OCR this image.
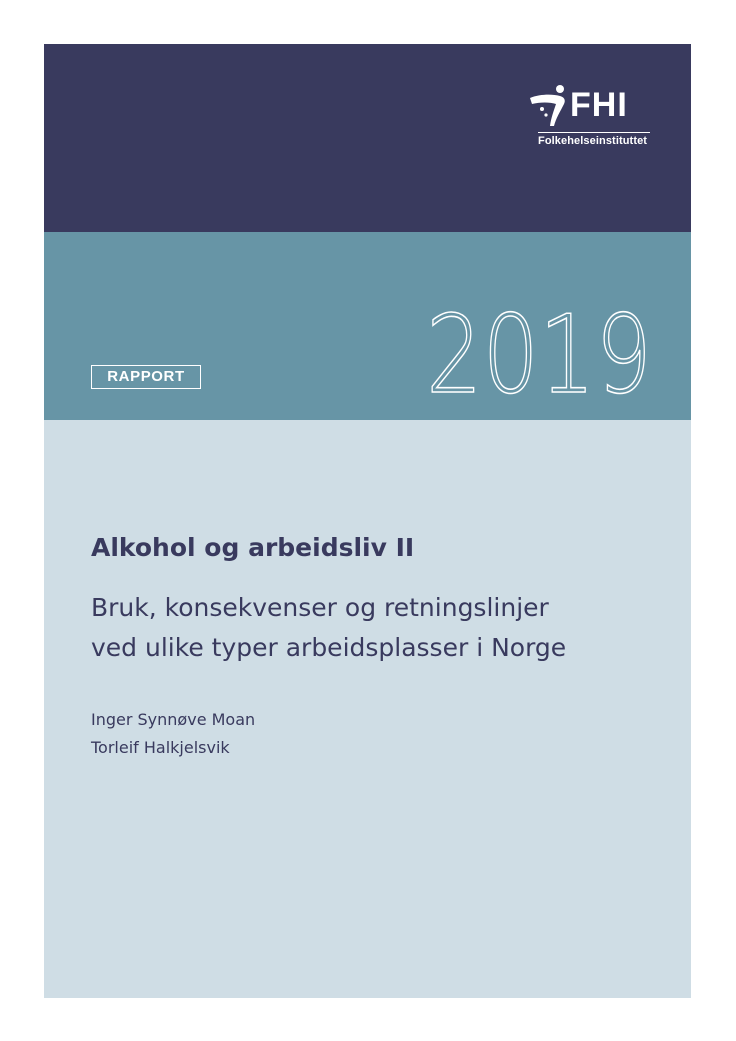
FHI
Folkehelseinstituttet
2019
RAPPORT
Alkohol og arbeidsliv II
Bruk, konsekvenser og retningslinjer
ved ulike typer arbeidsplasser i Norge
Inger Synnøve Moan
Torleif Halkjelsvik
